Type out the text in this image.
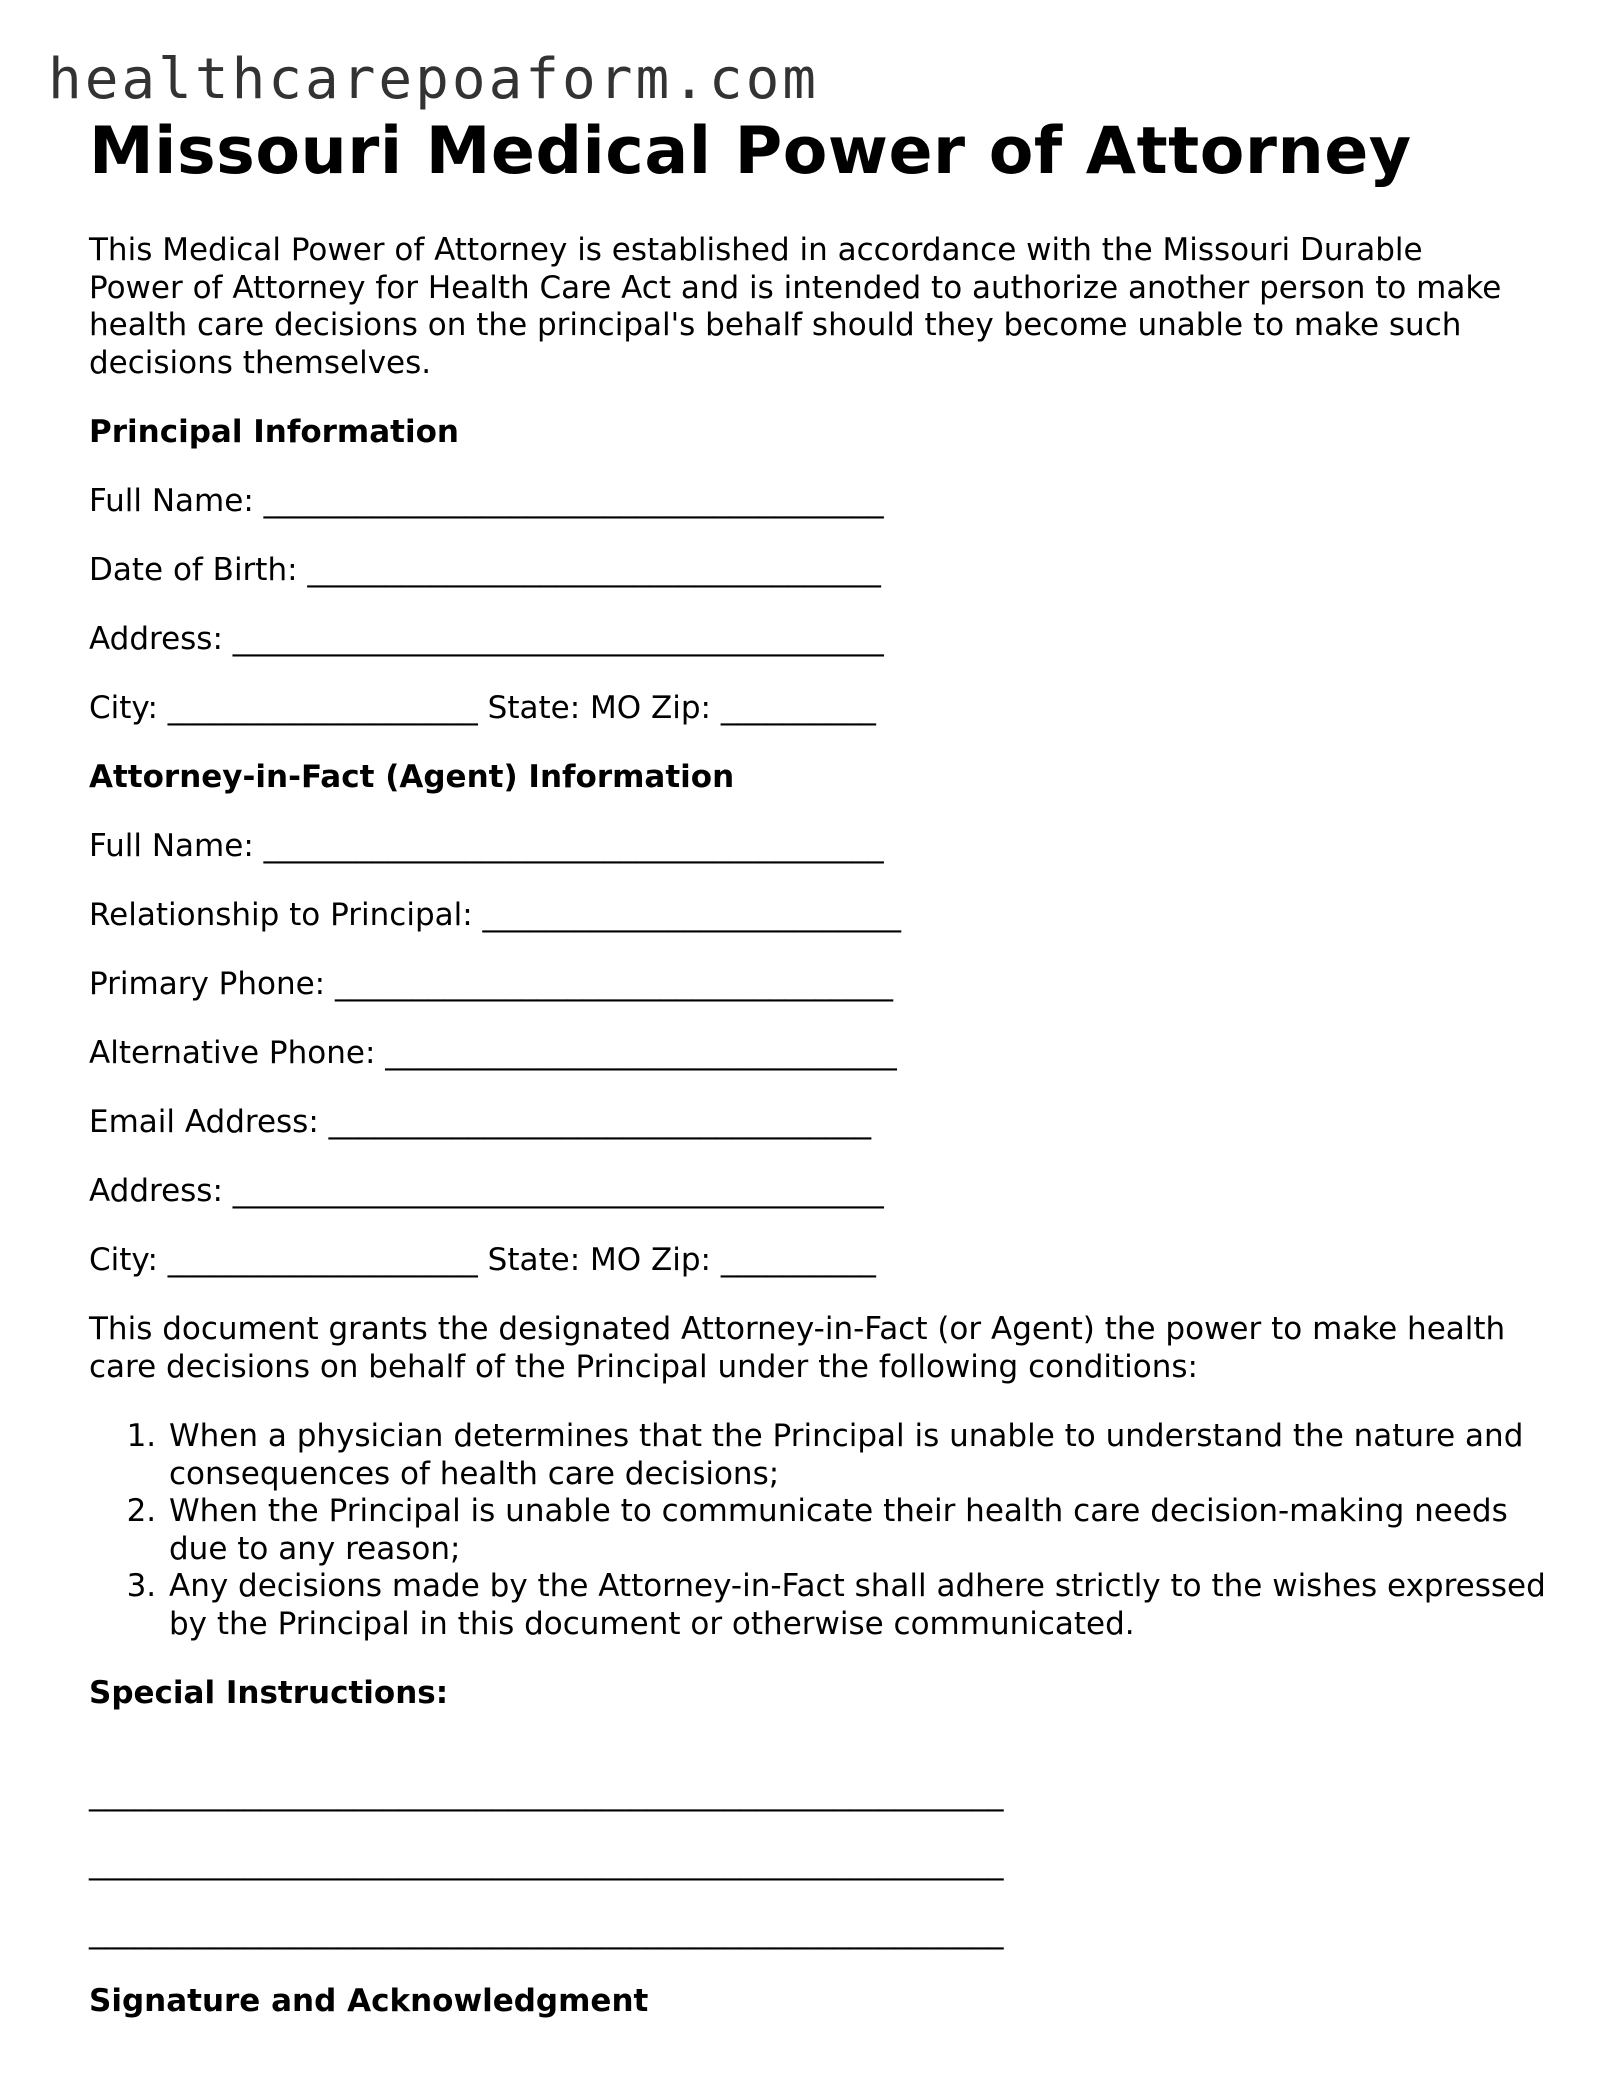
healthcarepoaform.com
Missouri Medical Power of Attorney

This Medical Power of Attorney is established in accordance with the Missouri Durable Power of Attorney for Health Care Act and is intended to authorize another person to make health care decisions on the principal's behalf should they become unable to make such decisions themselves.

Principal Information

Full Name: ________________________________________

Date of Birth: _____________________________________

Address: __________________________________________

City: ____________________ State: MO Zip: __________

Attorney-in-Fact (Agent) Information

Full Name: ________________________________________

Relationship to Principal: ___________________________

Primary Phone: ____________________________________

Alternative Phone: _________________________________

Email Address: ___________________________________

Address: __________________________________________

City: ____________________ State: MO Zip: __________

This document grants the designated Attorney-in-Fact (or Agent) the power to make health care decisions on behalf of the Principal under the following conditions:

1. When a physician determines that the Principal is unable to understand the nature and consequences of health care decisions;
2. When the Principal is unable to communicate their health care decision-making needs due to any reason;
3. Any decisions made by the Attorney-in-Fact shall adhere strictly to the wishes expressed by the Principal in this document or otherwise communicated.

Special Instructions:

___________________________________________________________

___________________________________________________________

___________________________________________________________

Signature and Acknowledgment
